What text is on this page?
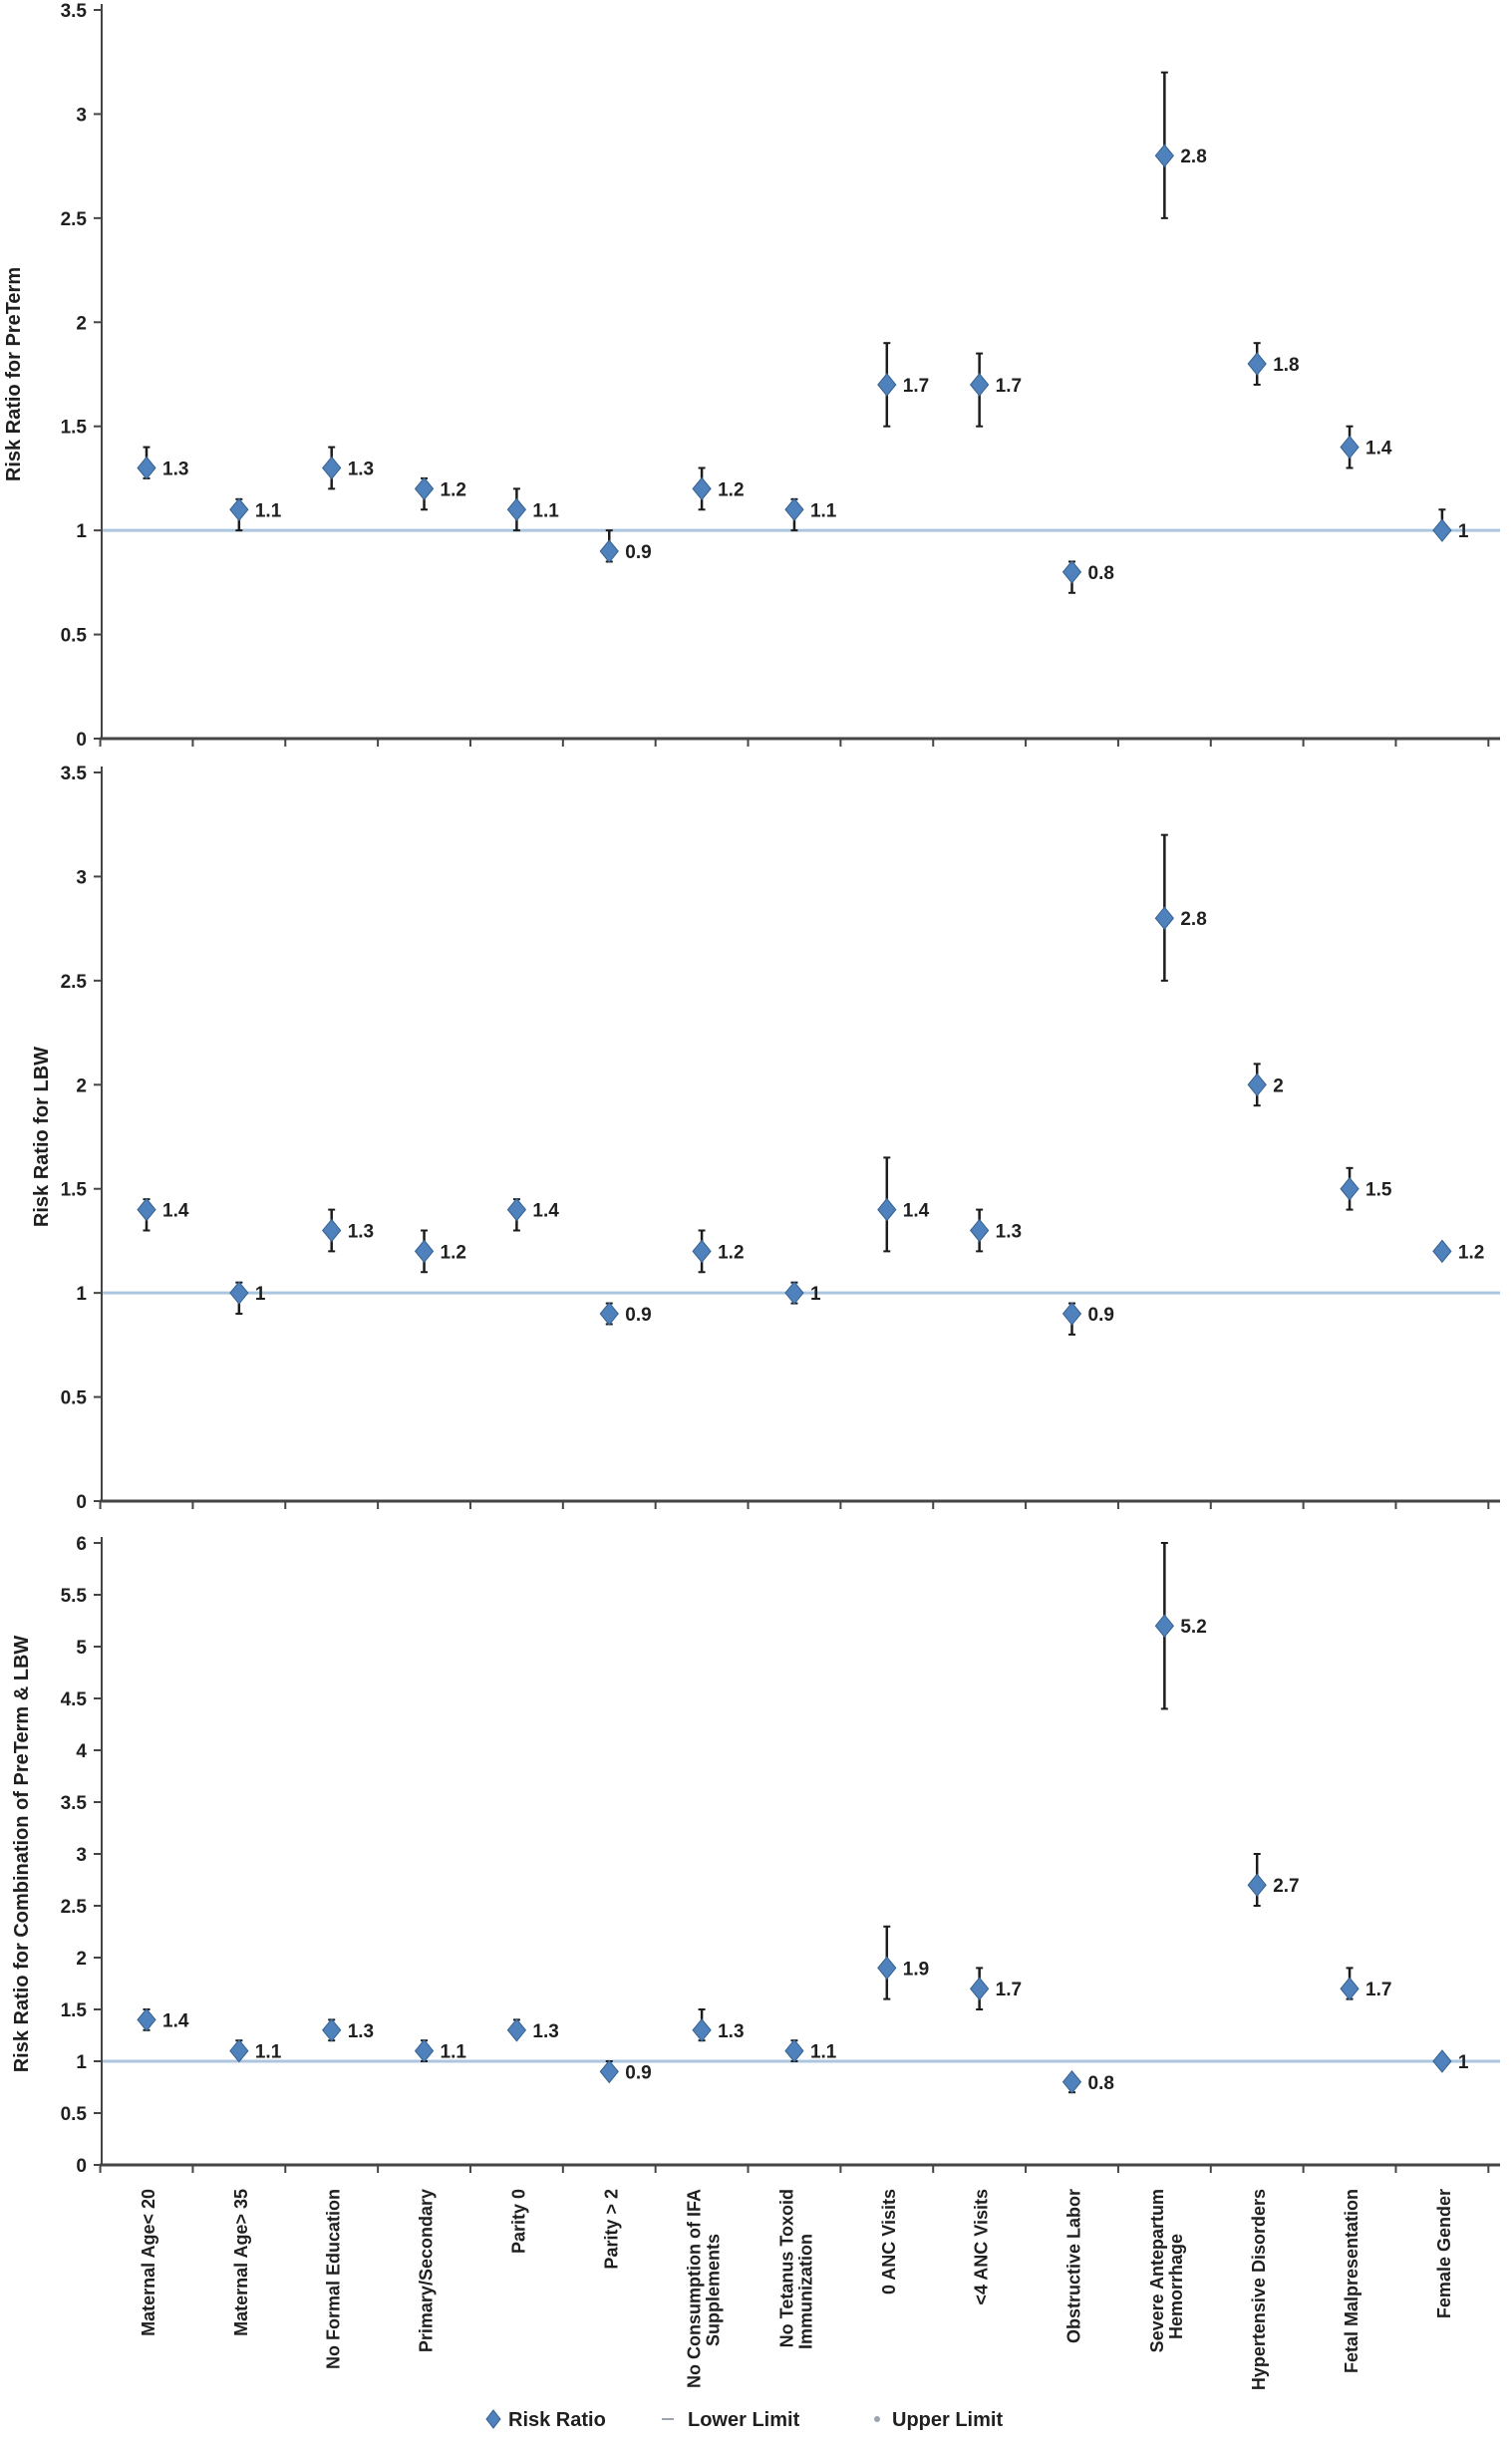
0
0.5
1
1.5
2
2.5
3
3.5
1.3
1.1
1.3
1.2
1.1
0.9
1.2
1.1
1.7	1.7
0.8
2.8
1.8
1.4
1
Risk Ratio for PreTerm
0
0.5
1
1.5
2
2.5
3
3.5
1.4
1
1.3
1.2
1.4
0.9
1.2
1
1.4
1.3
0.9
2.8
2
1.5
1.2
Risk Ratio for LBW
0
0.5
1
1.5
2
2.5
3
3.5
4
4.5
5
5.5
6
1.4
1.1
1.3
1.1
1.3
0.9
1.3
1.1
1.9
1.7
0.8
5.2
2.7
1.7
1
Risk Ratio for Combination of PreTerm & LBW
Maternal Age< 20	Maternal Age> 35	No Formal Education	Primary/Secondary	Parity 0	Parity > 2	No Consumption of IFA Supplements	No Tetanus Toxoid Immunization	0 ANC Visits	<4 ANC Visits	Obstructive Labor	Severe Antepartum Hemorrhage	Hypertensive Disorders	Fetal Malpresentation	Female Gender
Risk Ratio	Lower Limit	Upper Limit
